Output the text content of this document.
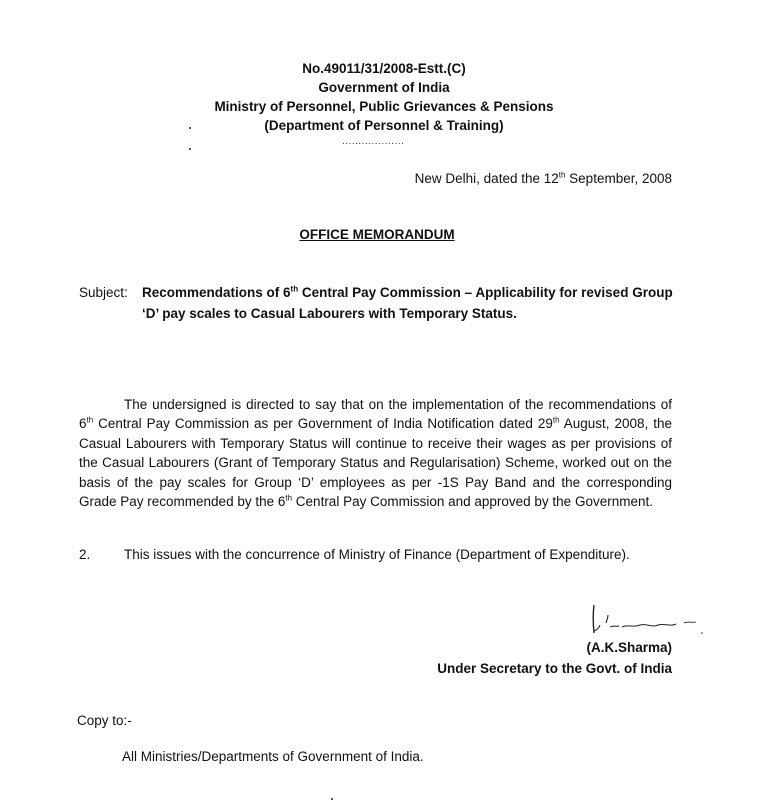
No.49011/31/2008-Estt.(C)
Government of India
Ministry of Personnel, Public Grievances & Pensions
(Department of Personnel & Training)
...................
New Delhi, dated the 12th September, 2008
OFFICE MEMORANDUM
Subject: Recommendations of 6th Central Pay Commission – Applicability for revised Group ‘D’ pay scales to Casual Labourers with Temporary Status.
The undersigned is directed to say that on the implementation of the recommendations of 6th Central Pay Commission as per Government of India Notification dated 29th August, 2008, the Casual Labourers with Temporary Status will continue to receive their wages as per provisions of the Casual Labourers (Grant of Temporary Status and Regularisation) Scheme, worked out on the basis of the pay scales for Group ‘D’ employees as per -1S Pay Band and the corresponding Grade Pay recommended by the 6th Central Pay Commission and approved by the Government.
2. This issues with the concurrence of Ministry of Finance (Department of Expenditure).
(A.K.Sharma)
Under Secretary to the Govt. of India
Copy to:-
All Ministries/Departments of Government of India.
